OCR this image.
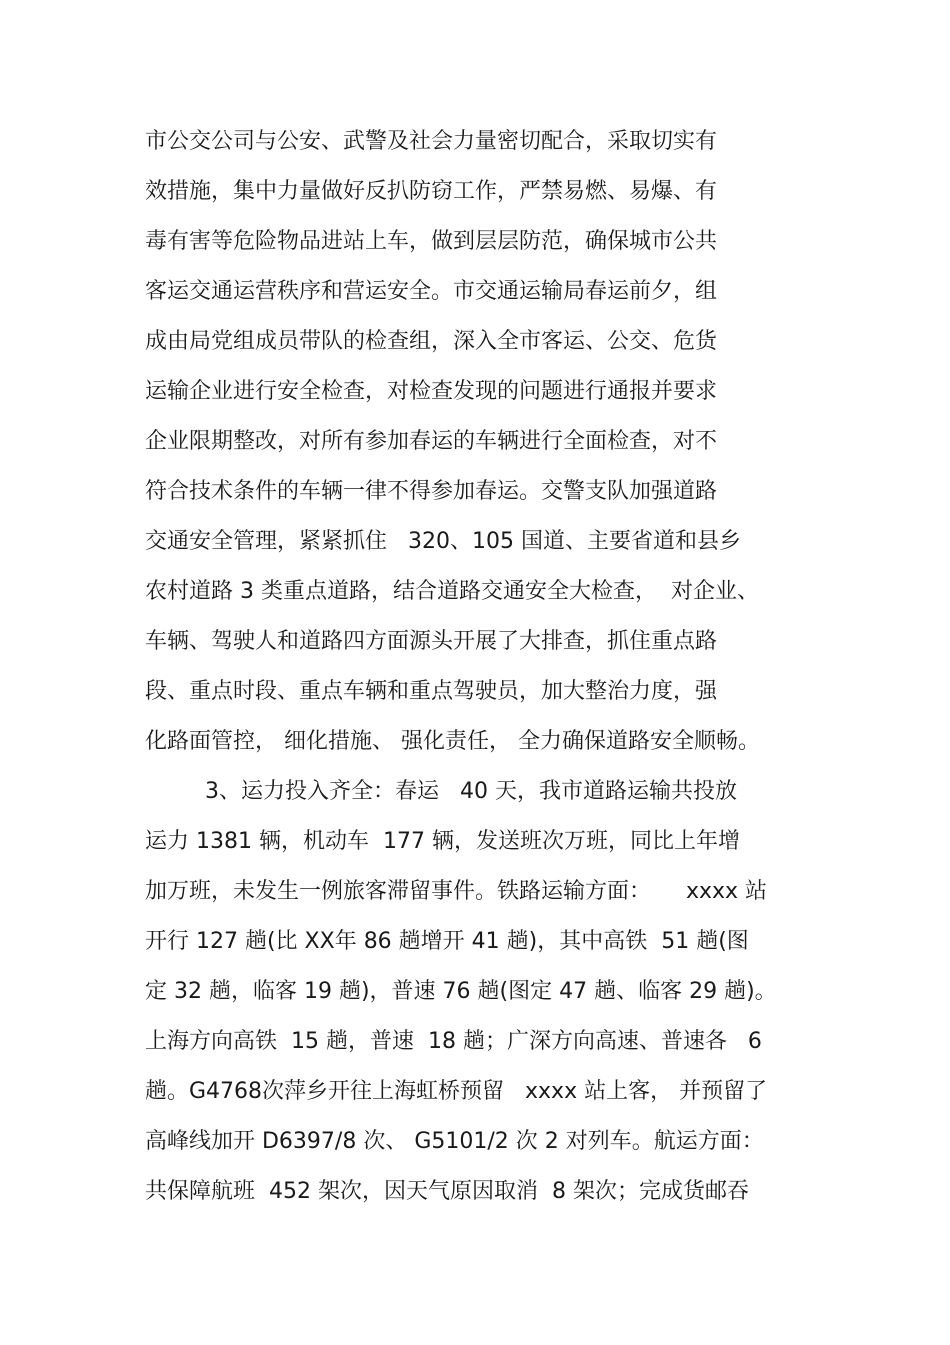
市公交公司与公安、武警及社会力量密切配合，采取切实有
效措施，集中力量做好反扒防窃工作，严禁易燃、易爆、有
毒有害等危险物品进站上车，做到层层防范，确保城市公共
客运交通运营秩序和营运安全。市交通运输局春运前夕，组
成由局党组成员带队的检查组，深入全市客运、公交、危货
运输企业进行安全检查，对检查发现的问题进行通报并要求
企业限期整改，对所有参加春运的车辆进行全面检查，对不
符合技术条件的车辆一律不得参加春运。交警支队加强道路
交通安全管理，紧紧抓住   320、105 国道、主要省道和县乡
农村道路 3 类重点道路，结合道路交通安全大检查，  对企业、
车辆、驾驶人和道路四方面源头开展了大排查，抓住重点路
段、重点时段、重点车辆和重点驾驶员，加大整治力度，强
化路面管控， 细化措施、 强化责任， 全力确保道路安全顺畅。
3、运力投入齐全：春运   40 天，我市道路运输共投放
运力 1381 辆，机动车  177 辆，发送班次万班，同比上年增
加万班，未发生一例旅客滞留事件。铁路运输方面：     xxxx 站
开行 127 趟(比 XX年 86 趟增开 41 趟)，其中高铁  51 趟(图
定 32 趟，临客 19 趟)，普速 76 趟(图定 47 趟、临客 29 趟)。
上海方向高铁  15 趟，普速  18 趟；广深方向高速、普速各   6
趟。G4768次萍乡开往上海虹桥预留   xxxx 站上客， 并预留了
高峰线加开 D6397/8 次、 G5101/2 次 2 对列车。航运方面：
共保障航班  452 架次，因天气原因取消  8 架次；完成货邮吞
